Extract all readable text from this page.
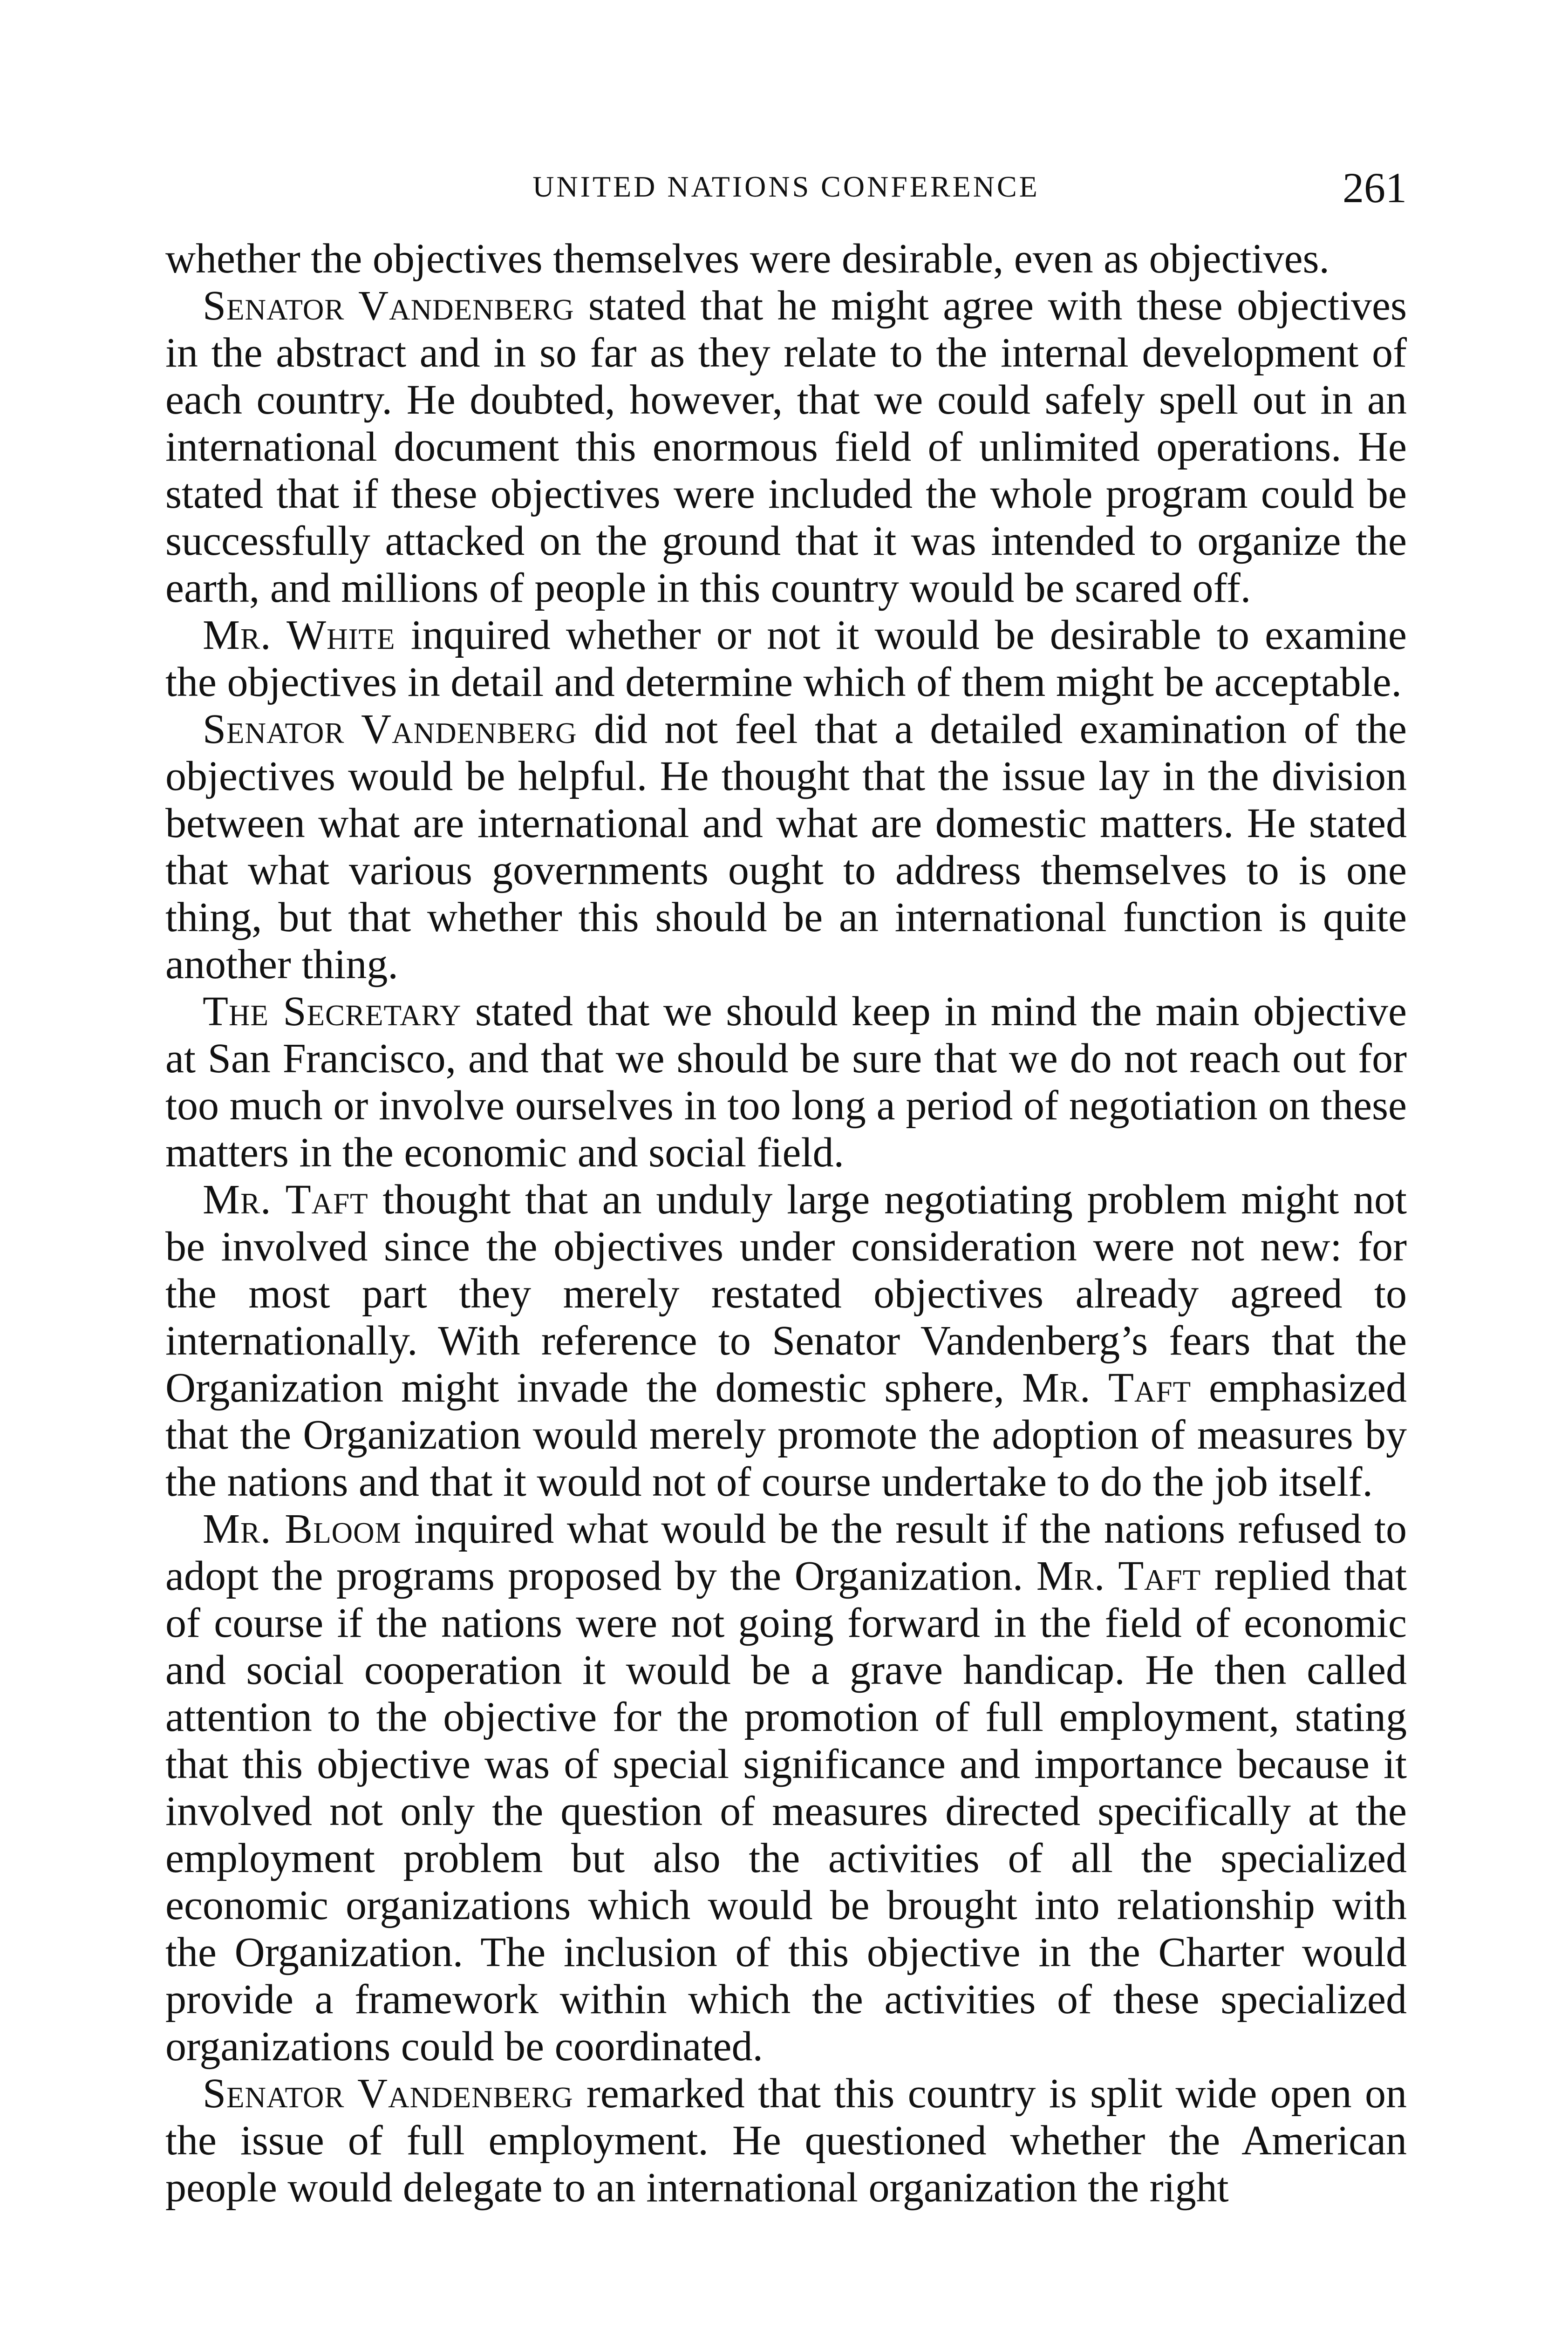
UNITED NATIONS CONFERENCE	261

whether the objectives themselves were desirable, even as objectives.

Senator Vandenberg stated that he might agree with these objectives in the abstract and in so far as they relate to the internal development of each country. He doubted, however, that we could safely spell out in an international document this enormous field of unlimited operations. He stated that if these objectives were included the whole program could be successfully attacked on the ground that it was intended to organize the earth, and millions of people in this country would be scared off.

Mr. White inquired whether or not it would be desirable to examine the objectives in detail and determine which of them might be acceptable.

Senator Vandenberg did not feel that a detailed examination of the objectives would be helpful. He thought that the issue lay in the division between what are international and what are domestic matters. He stated that what various governments ought to address themselves to is one thing, but that whether this should be an international function is quite another thing.

The Secretary stated that we should keep in mind the main objective at San Francisco, and that we should be sure that we do not reach out for too much or involve ourselves in too long a period of negotiation on these matters in the economic and social field.

Mr. Taft thought that an unduly large negotiating problem might not be involved since the objectives under consideration were not new: for the most part they merely restated objectives already agreed to internationally. With reference to Senator Vandenberg’s fears that the Organization might invade the domestic sphere, Mr. Taft emphasized that the Organization would merely promote the adoption of measures by the nations and that it would not of course undertake to do the job itself.

Mr. Bloom inquired what would be the result if the nations refused to adopt the programs proposed by the Organization. Mr. Taft replied that of course if the nations were not going forward in the field of economic and social cooperation it would be a grave handicap. He then called attention to the objective for the promotion of full employment, stating that this objective was of special significance and importance because it involved not only the question of measures directed specifically at the employment problem but also the activities of all the specialized economic organizations which would be brought into relationship with the Organization. The inclusion of this objective in the Charter would provide a framework within which the activities of these specialized organizations could be coordinated.

Senator Vandenberg remarked that this country is split wide open on the issue of full employment. He questioned whether the American people would delegate to an international organization the right
